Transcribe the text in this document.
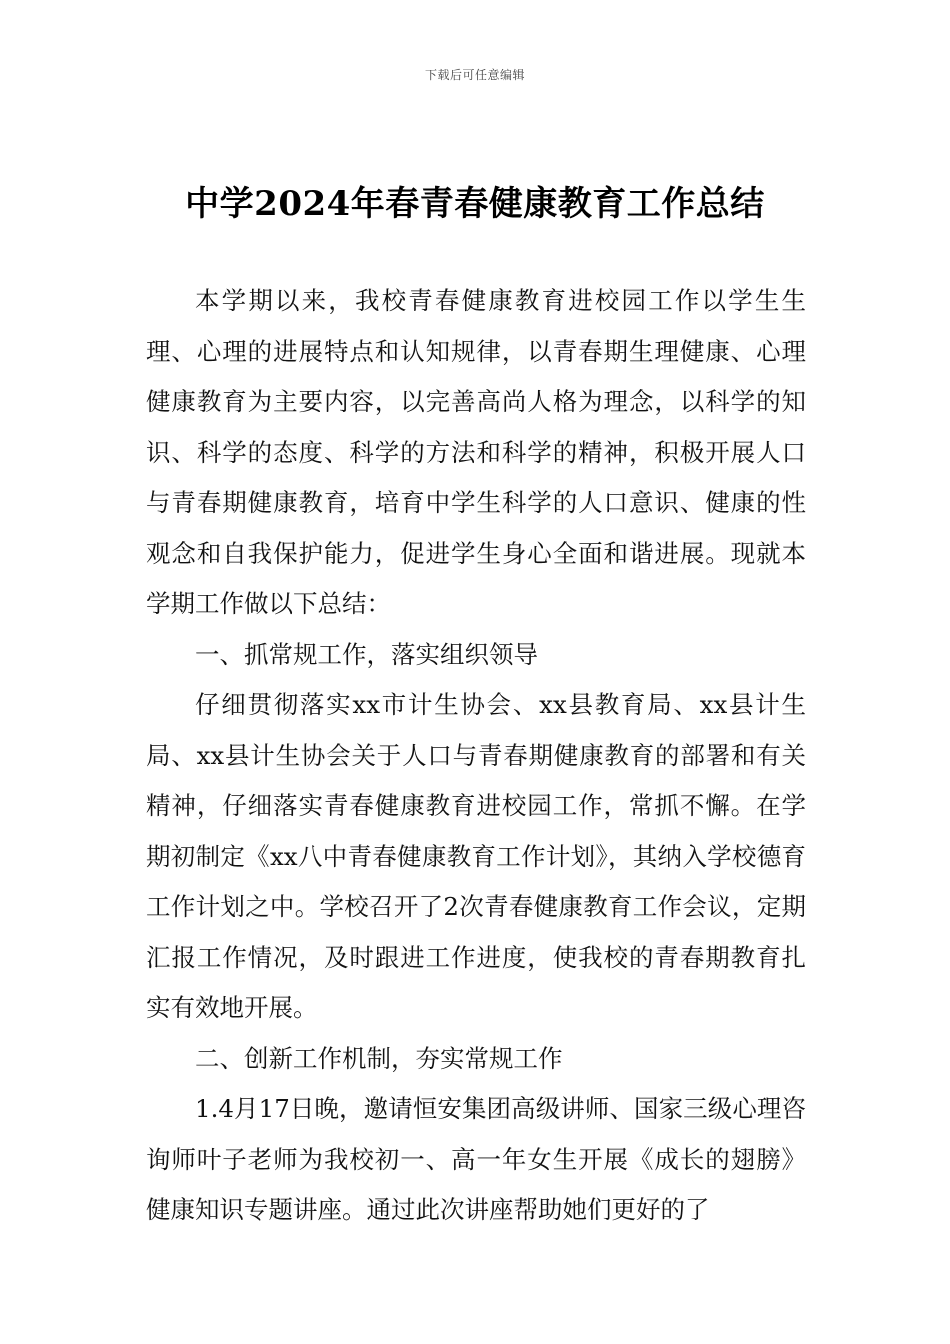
下载后可任意编辑
中学2024年春青春健康教育工作总结

本学期以来，我校青春健康教育进校园工作以学生生理、心理的进展特点和认知规律，以青春期生理健康、心理健康教育为主要内容，以完善高尚人格为理念，以科学的知识、科学的态度、科学的方法和科学的精神，积极开展人口与青春期健康教育，培育中学生科学的人口意识、健康的性观念和自我保护能力，促进学生身心全面和谐进展。现就本学期工作做以下总结：

一、抓常规工作，落实组织领导

仔细贯彻落实xx市计生协会、xx县教育局、xx县计生局、xx县计生协会关于人口与青春期健康教育的部署和有关精神，仔细落实青春健康教育进校园工作，常抓不懈。在学期初制定《xx八中青春健康教育工作计划》，其纳入学校德育工作计划之中。学校召开了2次青春健康教育工作会议，定期汇报工作情况，及时跟进工作进度，使我校的青春期教育扎实有效地开展。

二、创新工作机制，夯实常规工作

1.4月17日晚，邀请恒安集团高级讲师、国家三级心理咨询师叶子老师为我校初一、高一年女生开展《成长的翅膀》健康知识专题讲座。通过此次讲座帮助她们更好的了
